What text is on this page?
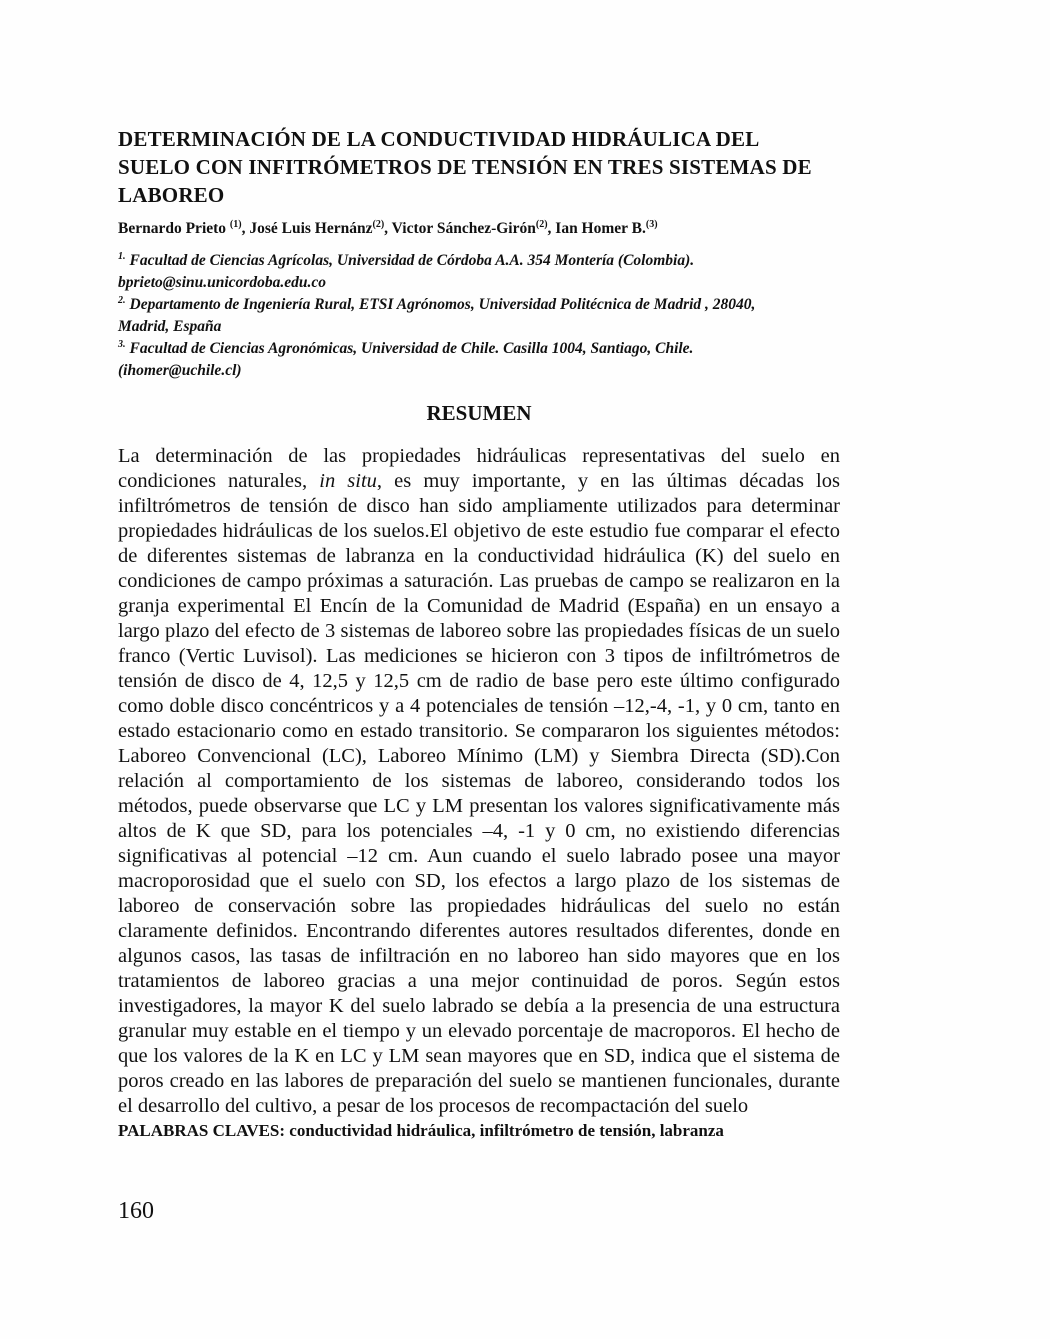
DETERMINACIÓN DE LA CONDUCTIVIDAD HIDRÁULICA DEL
SUELO CON INFITRÓMETROS DE TENSIÓN EN TRES SISTEMAS DE
LABOREO
Bernardo Prieto $^{(1)}$, José Luis Hernánz$^{(2)}$, Victor Sánchez-Girón$^{(2)}$, Ian Homer B.$^{(3)}$
$^{1.}$ Facultad de Ciencias Agrícolas, Universidad de Córdoba A.A. 354 Montería (Colombia).
bprieto@sinu.unicordoba.edu.co
$^{2.}$ Departamento de Ingeniería Rural, ETSI Agrónomos, Universidad Politécnica de Madrid , 28040,
Madrid, España
$^{3.}$ Facultad de Ciencias Agronómicas, Universidad de Chile. Casilla 1004, Santiago, Chile.
(ihomer@uchile.cl)
RESUMEN

La determinación de las propiedades hidráulicas representativas del suelo en condiciones naturales, in situ, es muy importante, y en las últimas décadas los infiltrómetros de tensión de disco han sido ampliamente utilizados para determinar propiedades hidráulicas de los suelos.El objetivo de este estudio fue comparar el efecto de diferentes sistemas de labranza en la conductividad hidráulica (K) del suelo en condiciones de campo próximas a saturación. Las pruebas de campo se realizaron en la granja experimental El Encín de la Comunidad de Madrid (España) en un ensayo a largo plazo del efecto de 3 sistemas de laboreo sobre las propiedades físicas de un suelo franco (Vertic Luvisol). Las mediciones se hicieron con 3 tipos de infiltrómetros de tensión de disco de 4, 12,5 y 12,5 cm de radio de base pero este último configurado como doble disco concéntricos y a 4 potenciales de tensión –12,-4, -1, y 0 cm, tanto en estado estacionario como en estado transitorio. Se compararon los siguientes métodos: Laboreo Convencional (LC), Laboreo Mínimo (LM) y Siembra Directa (SD).Con relación al comportamiento de los sistemas de laboreo, considerando todos los métodos, puede observarse que LC y LM presentan los valores significativamente más altos de K que SD, para los potenciales –4, -1 y 0 cm, no existiendo diferencias significativas al potencial –12 cm. Aun cuando el suelo labrado posee una mayor macroporosidad que el suelo con SD, los efectos a largo plazo de los sistemas de laboreo de conservación sobre las propiedades hidráulicas del suelo no están claramente definidos. Encontrando diferentes autores resultados diferentes, donde en algunos casos, las tasas de infiltración en no laboreo han sido mayores que en los tratamientos de laboreo gracias a una mejor continuidad de poros. Según estos investigadores, la mayor K del suelo labrado se debía a la presencia de una estructura granular muy estable en el tiempo y un elevado porcentaje de macroporos. El hecho de que los valores de la K en LC y LM sean mayores que en SD, indica que el sistema de poros creado en las labores de preparación del suelo se mantienen funcionales, durante el desarrollo del cultivo, a pesar de los procesos de recompactación del suelo

PALABRAS CLAVES: conductividad hidráulica, infiltrómetro de tensión, labranza
160
